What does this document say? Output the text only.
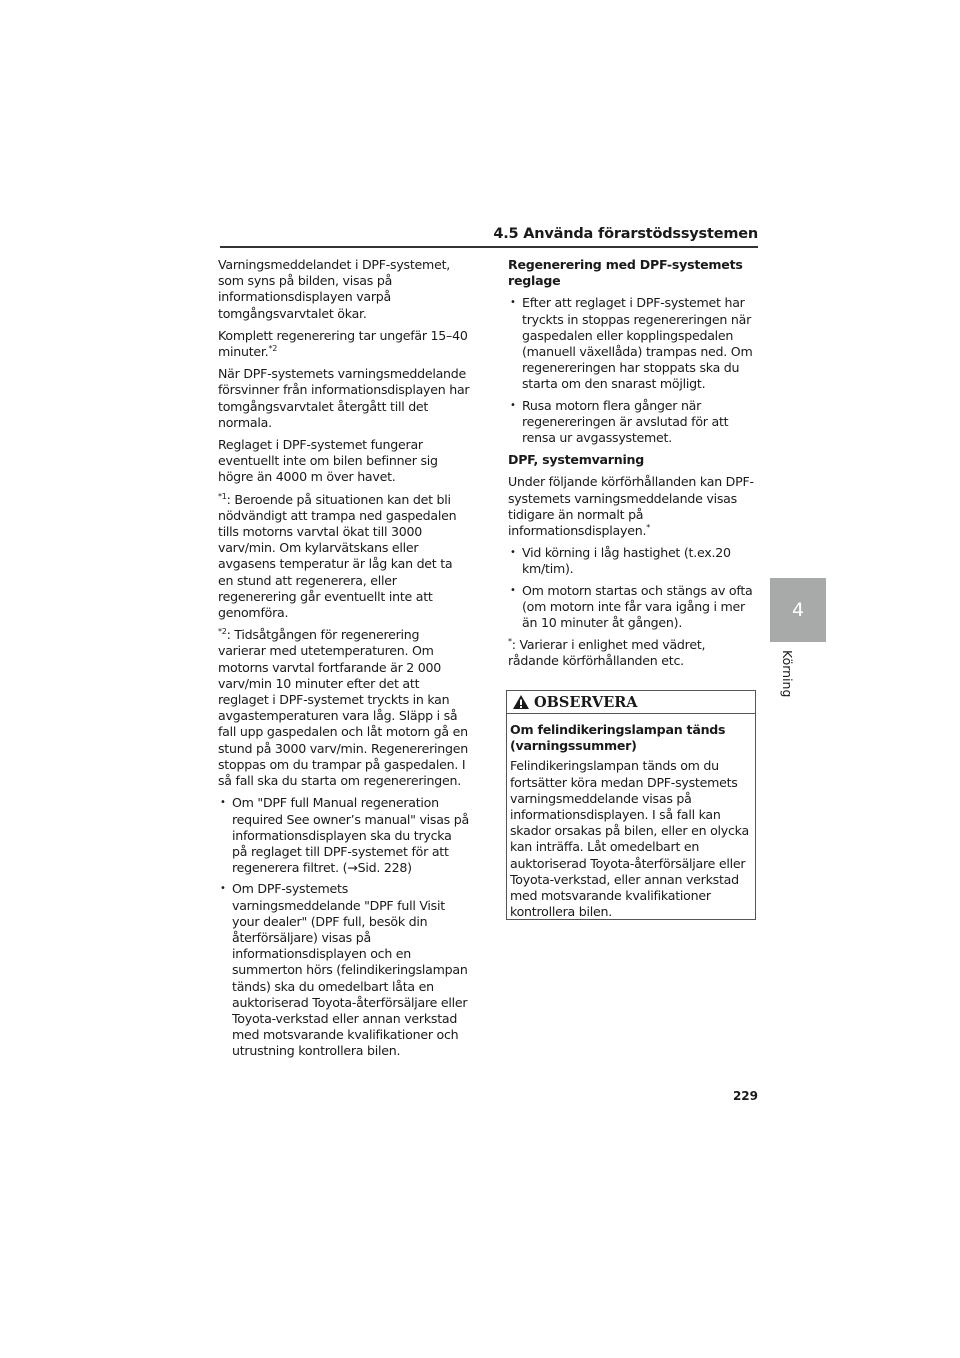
4.5 Använda förarstödssystemen

Varningsmeddelandet i DPF-systemet, som syns på bilden, visas på informationsdisplayen varpå tomgångsvarvtalet ökar.

Komplett regenerering tar ungefär 15–40 minuter.$^{*2}$

När DPF-systemets varningsmeddelande försvinner från informationsdisplayen har tomgångsvarvtalet återgått till det normala.

Reglaget i DPF-systemet fungerar eventuellt inte om bilen befinner sig högre än 4000 m över havet.

$^{*1}$: Beroende på situationen kan det bli nödvändigt att trampa ned gaspedalen tills motorns varvtal ökat till 3000 varv/min. Om kylarvätskans eller avgasens temperatur är låg kan det ta en stund att regenerera, eller regenerering går eventuellt inte att genomföra.

$^{*2}$: Tidsåtgången för regenerering varierar med utetemperaturen. Om motorns varvtal fortfarande är 2 000 varv/min 10 minuter efter det att reglaget i DPF-systemet tryckts in kan avgastemperaturen vara låg. Släpp i så fall upp gaspedalen och låt motorn gå en stund på 3000 varv/min. Regenereringen stoppas om du trampar på gaspedalen. I så fall ska du starta om regenereringen.

• Om "DPF full Manual regeneration required See owner’s manual" visas på informationsdisplayen ska du trycka på reglaget till DPF-systemet för att regenerera filtret. (→Sid. 228)
• Om DPF-systemets varningsmeddelande "DPF full Visit your dealer" (DPF full, besök din återförsäljare) visas på informationsdisplayen och en summerton hörs (felindikeringslampan tänds) ska du omedelbart låta en auktoriserad Toyota-återförsäljare eller Toyota-verkstad eller annan verkstad med motsvarande kvalifikationer och utrustning kontrollera bilen.

Regenerering med DPF-systemets reglage

• Efter att reglaget i DPF-systemet har tryckts in stoppas regenereringen när gaspedalen eller kopplingspedalen (manuell växellåda) trampas ned. Om regenereringen har stoppats ska du starta om den snarast möjligt.
• Rusa motorn flera gånger när regenereringen är avslutad för att rensa ur avgassystemet.

DPF, systemvarning

Under följande körförhållanden kan DPF-systemets varningsmeddelande visas tidigare än normalt på informationsdisplayen.*

• Vid körning i låg hastighet (t.ex.20 km/tim).
• Om motorn startas och stängs av ofta (om motorn inte får vara igång i mer än 10 minuter åt gången).

*: Varierar i enlighet med vädret, rådande körförhållanden etc.

OBSERVERA

Om felindikeringslampan tänds (varningssummer)

Felindikeringslampan tänds om du fortsätter köra medan DPF-systemets varningsmeddelande visas på informationsdisplayen. I så fall kan skador orsakas på bilen, eller en olycka kan inträffa. Låt omedelbart en auktoriserad Toyota-återförsäljare eller Toyota-verkstad, eller annan verkstad med motsvarande kvalifikationer kontrollera bilen.

4
Körning
229
